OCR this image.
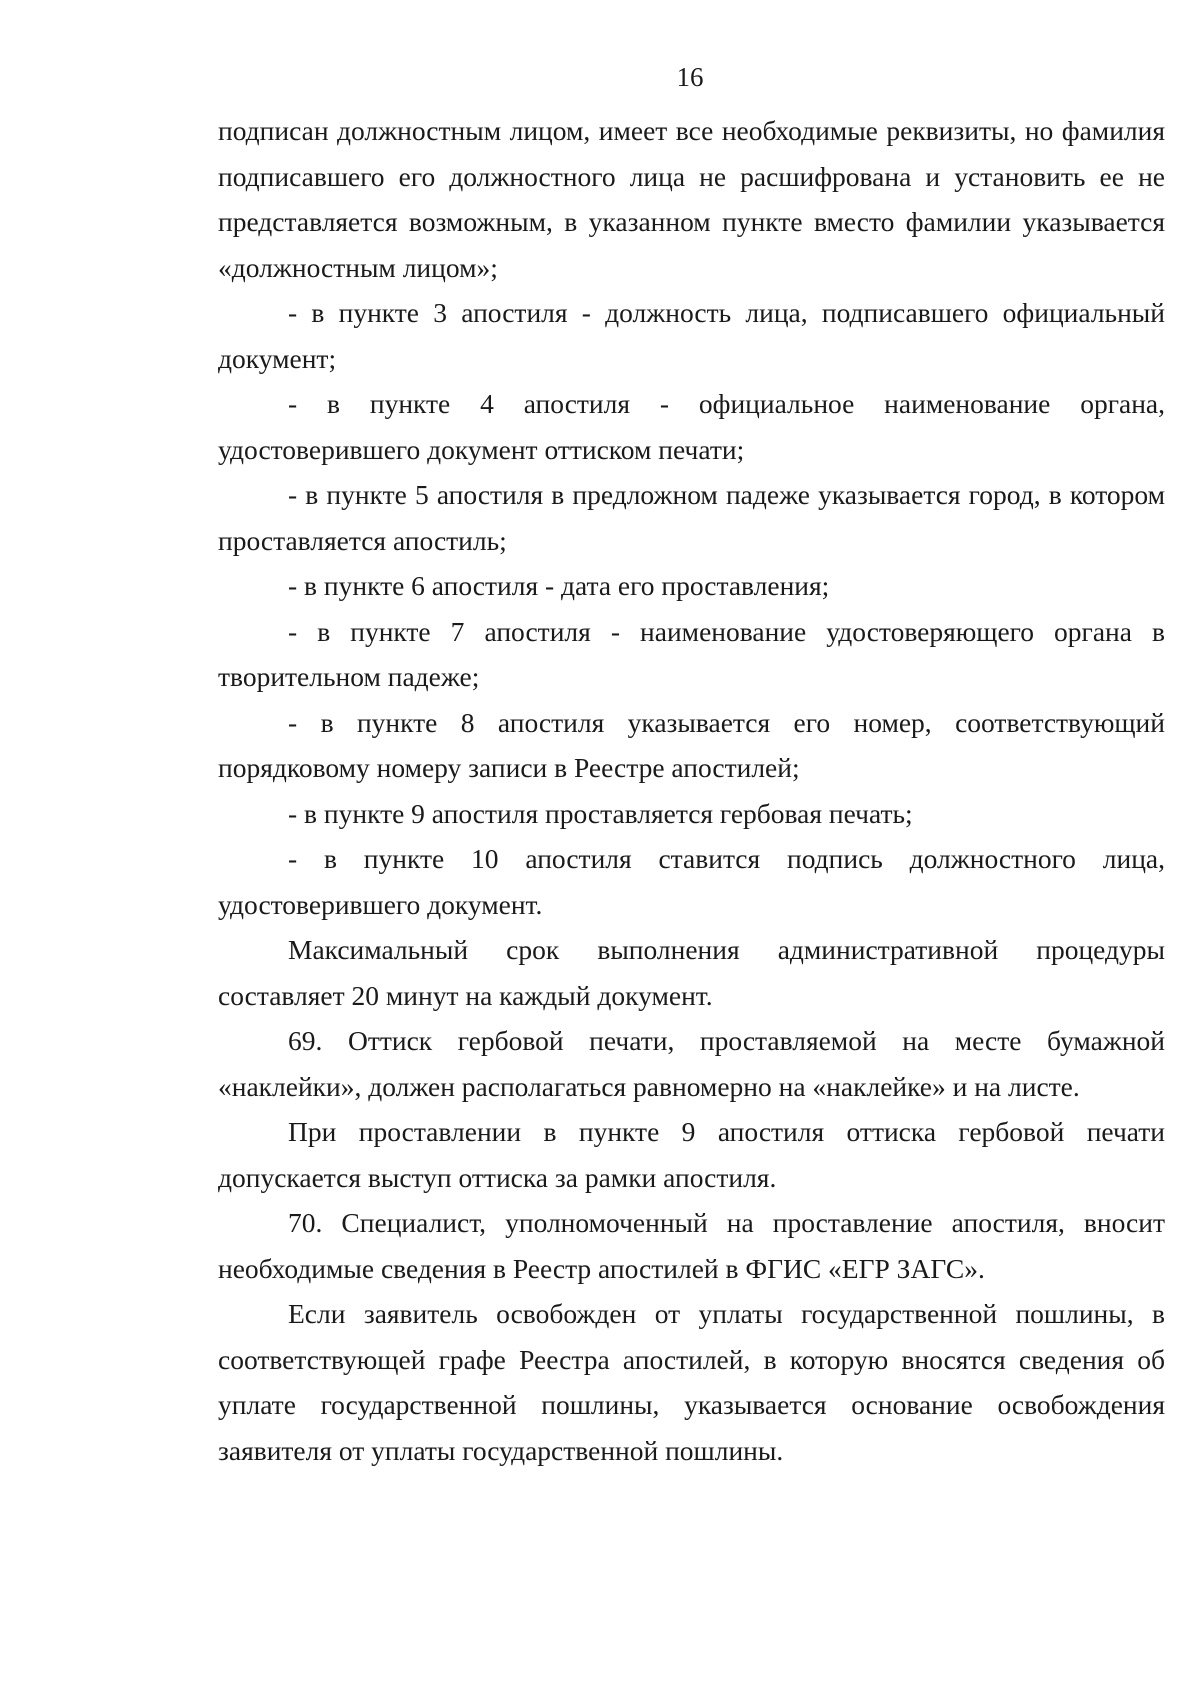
16

подписан должностным лицом, имеет все необходимые реквизиты, но фамилия подписавшего его должностного лица не расшифрована и установить ее не представляется возможным, в указанном пункте вместо фамилии указывается «должностным лицом»;

- в пункте 3 апостиля - должность лица, подписавшего официальный документ;

- в пункте 4 апостиля - официальное наименование органа, удостоверившего документ оттиском печати;

- в пункте 5 апостиля в предложном падеже указывается город, в котором проставляется апостиль;

- в пункте 6 апостиля - дата его проставления;

- в пункте 7 апостиля - наименование удостоверяющего органа в творительном падеже;

- в пункте 8 апостиля указывается его номер, соответствующий порядковому номеру записи в Реестре апостилей;

- в пункте 9 апостиля проставляется гербовая печать;

- в пункте 10 апостиля ставится подпись должностного лица, удостоверившего документ.

Максимальный срок выполнения административной процедуры составляет 20 минут на каждый документ.

69. Оттиск гербовой печати, проставляемой на месте бумажной «наклейки», должен располагаться равномерно на «наклейке» и на листе.

При проставлении в пункте 9 апостиля оттиска гербовой печати допускается выступ оттиска за рамки апостиля.

70. Специалист, уполномоченный на проставление апостиля, вносит необходимые сведения в Реестр апостилей в ФГИС «ЕГР ЗАГС».

Если заявитель освобожден от уплаты государственной пошлины, в соответствующей графе Реестра апостилей, в которую вносятся сведения об уплате государственной пошлины, указывается основание освобождения заявителя от уплаты государственной пошлины.
